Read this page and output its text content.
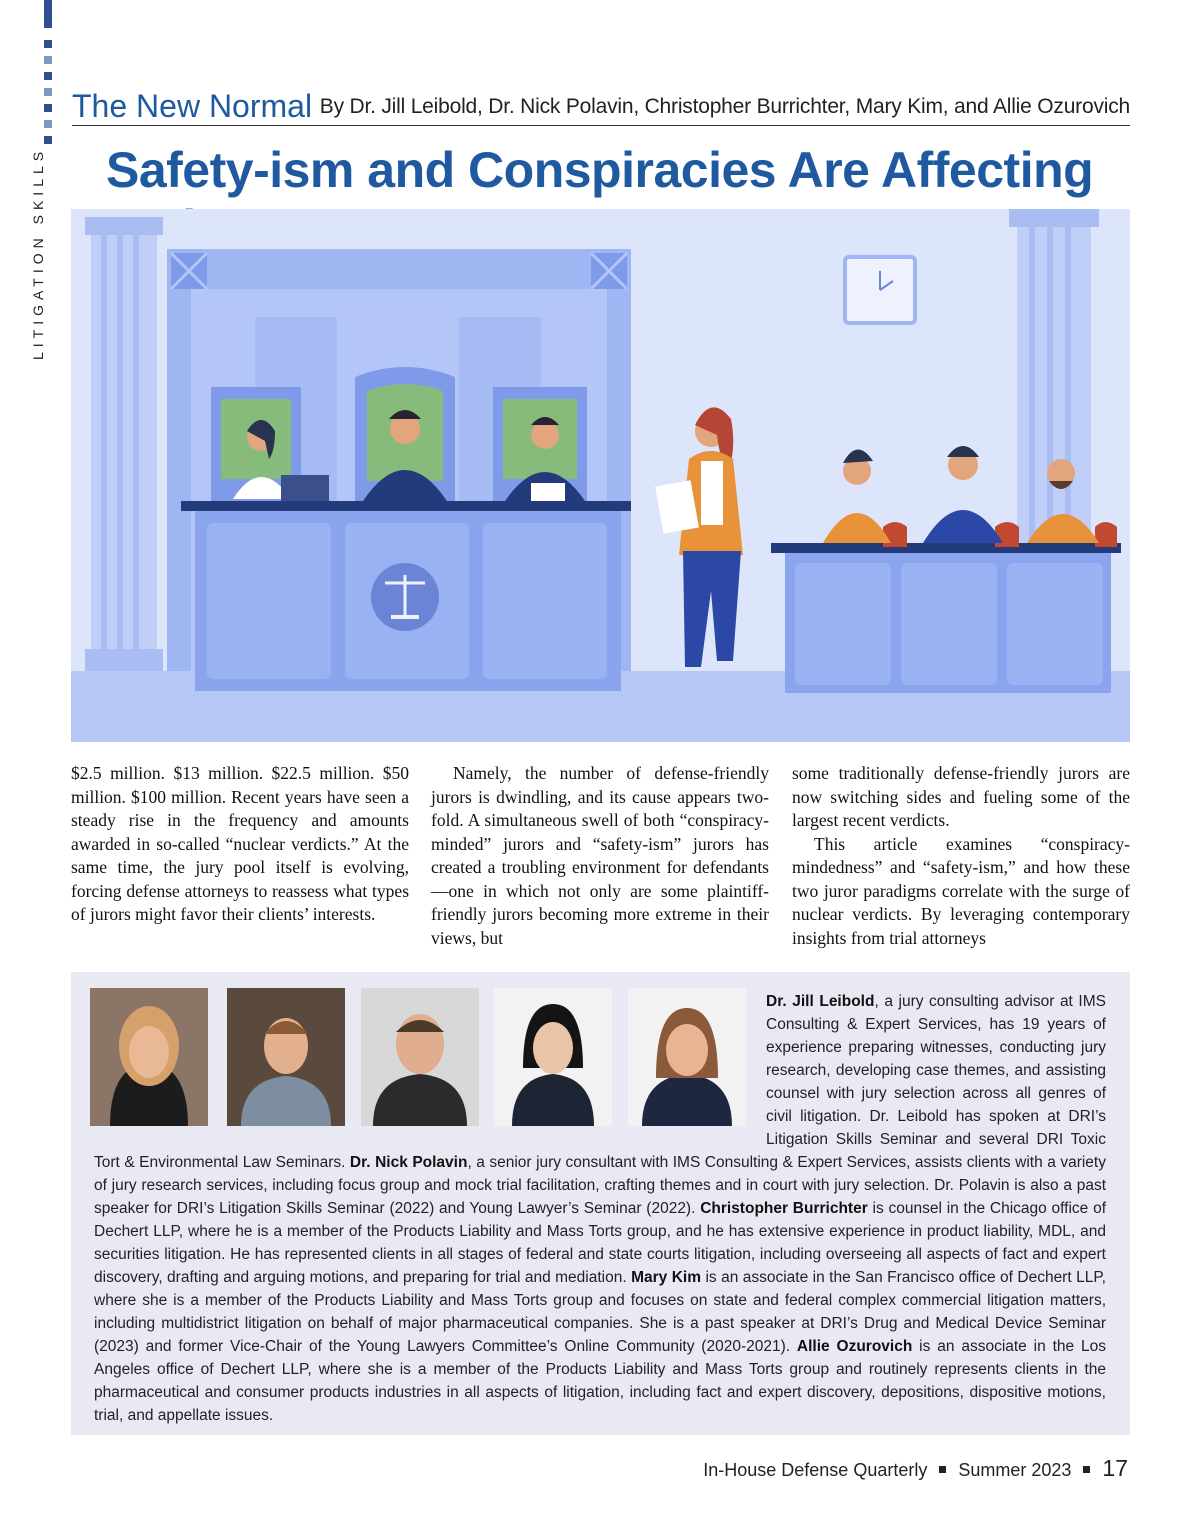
LITIGATION SKILLS
The New Normal By Dr. Jill Leibold, Dr. Nick Polavin, Christopher Burrichter, Mary Kim, and Allie Ozurovich
Safety-ism and Conspiracies Are Affecting

$2.5 million. $13 million. $22.5 million. $50 million. $100 million. Recent years have seen a steady rise in the frequency and amounts awarded in so-called “nuclear verdicts.” At the same time, the jury pool itself is evolving, forcing defense attorneys to reassess what types of jurors might favor their clients’ interests.

Namely, the number of defense-friendly jurors is dwindling, and its cause appears two-fold. A simultaneous swell of both “conspiracy-minded” jurors and “safety-ism” jurors has created a troubling environment for defendants—one in which not only are some plaintiff-friendly jurors becoming more extreme in their views, but

some traditionally defense-friendly jurors are now switching sides and fueling some of the largest recent verdicts.

This article examines “conspiracy-mindedness” and “safety-ism,” and how these two juror paradigms correlate with the surge of nuclear verdicts. By leveraging contemporary insights from trial attorneys

Dr. Jill Leibold, a jury consulting advisor at IMS Consulting & Expert Services, has 19 years of experience preparing witnesses, conducting jury research, developing case themes, and assisting counsel with jury selection across all genres of civil litigation. Dr. Leibold has spoken at DRI’s Litigation Skills Seminar and several DRI Toxic Tort & Environmental Law Seminars. Dr. Nick Polavin, a senior jury consultant with IMS Consulting & Expert Services, assists clients with a variety of jury research services, including focus group and mock trial facilitation, crafting themes and in court with jury selection. Dr. Polavin is also a past speaker for DRI’s Litigation Skills Seminar (2022) and Young Lawyer’s Seminar (2022). Christopher Burrichter is counsel in the Chicago office of Dechert LLP, where he is a member of the Products Liability and Mass Torts group, and he has extensive experience in product liability, MDL, and securities litigation. He has represented clients in all stages of federal and state courts litigation, including overseeing all aspects of fact and expert discovery, drafting and arguing motions, and preparing for trial and mediation. Mary Kim is an associate in the San Francisco office of Dechert LLP, where she is a member of the Products Liability and Mass Torts group and focuses on state and federal complex commercial litigation matters, including multidistrict litigation on behalf of major pharmaceutical companies. She is a past speaker at DRI’s Drug and Medical Device Seminar (2023) and former Vice-Chair of the Young Lawyers Committee’s Online Community (2020-2021). Allie Ozurovich is an associate in the Los Angeles office of Dechert LLP, where she is a member of the Products Liability and Mass Torts group and routinely represents clients in the pharmaceutical and consumer products industries in all aspects of litigation, including fact and expert discovery, depositions, dispositive motions, trial, and appellate issues.
In-House Defense Quarterly Summer 2023 17
